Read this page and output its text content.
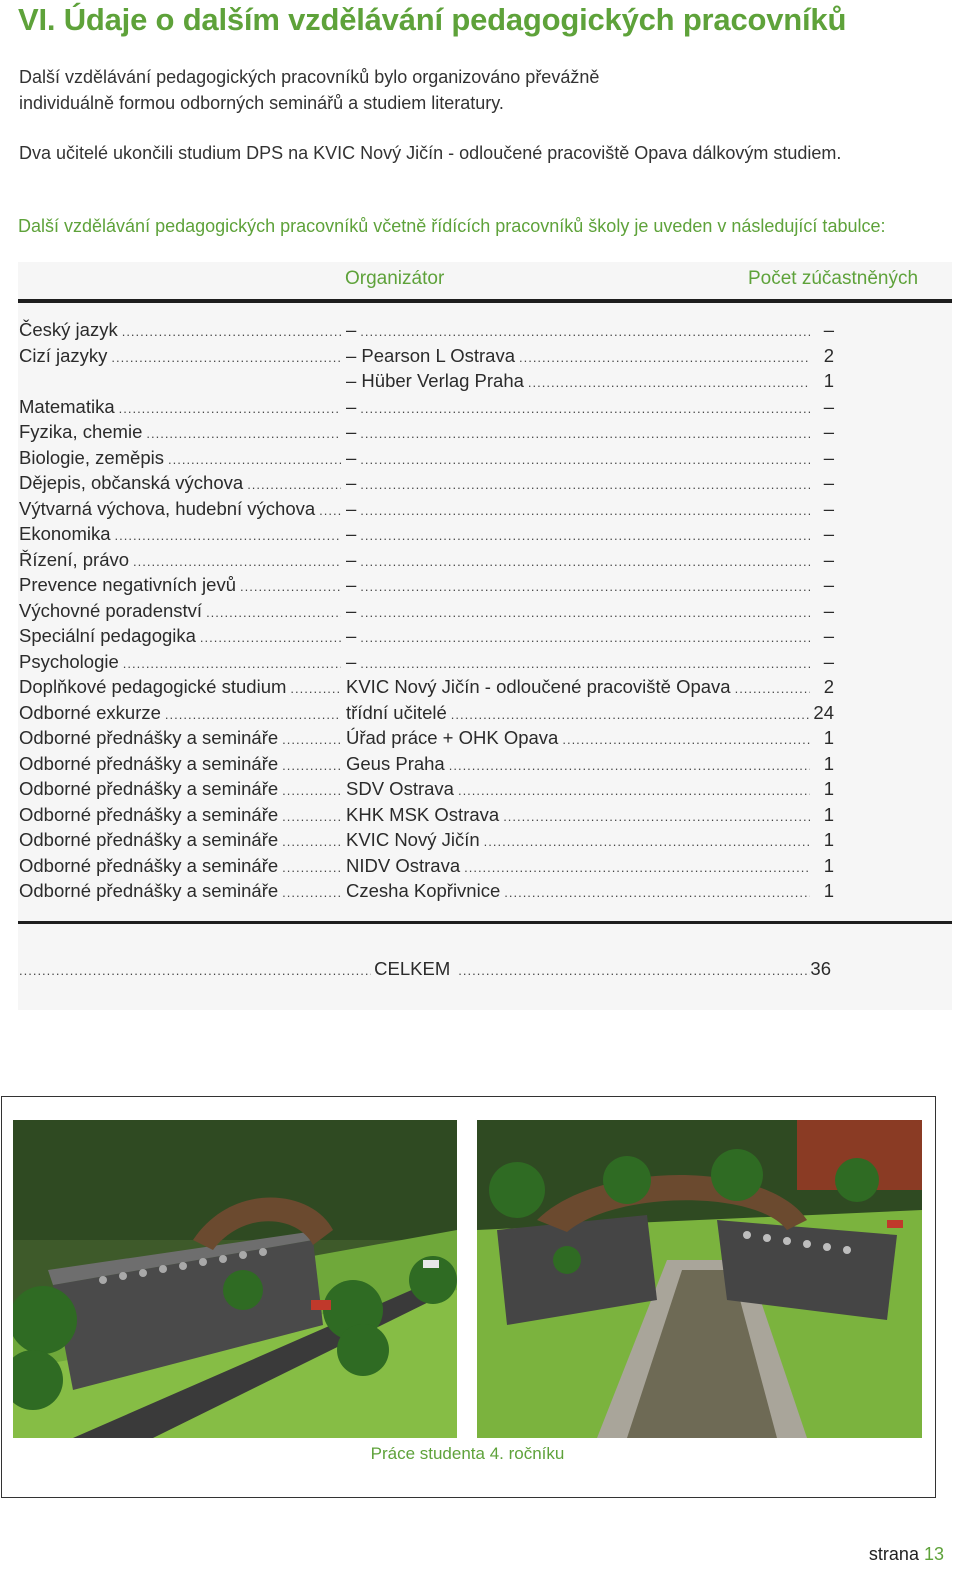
VI. Údaje o dalším vzdělávání pedagogických pracovníků
Další vzdělávání pedagogických pracovníků bylo organizováno převážně individuálně formou odborných seminářů a studiem literatury.
Dva učitelé ukončili studium DPS na KVIC Nový Jičín - odloučené pracoviště Opava dálkovým studiem.
Další vzdělávání pedagogických pracovníků včetně řídících pracovníků školy je uveden v následující tabulce:
Organizátor	Počet zúčastněných
Český jazyk .....	– .....	–
Cizí jazyky .....	– Pearson L Ostrava .....	2
– Hüber Verlag Praha .....	1
Matematika .....	– .....	–
Fyzika, chemie .....	– .....	–
Biologie, zeměpis .....	– .....	–
Dějepis, občanská výchova .....	– .....	–
Výtvarná výchova, hudební výchova ..... – .....	–
Ekonomika .....	– .....	–
Řízení, právo .....	– .....	–
Prevence negativních jevů .....	– .....	–
Výchovné poradenství .....	– .....	–
Speciální pedagogika .....	– .....	–
Psychologie .....	– .....	–
Doplňkové pedagogické studium .....	KVIC Nový Jičín - odloučené pracoviště Opava .....	2
Odborné exkurze .....	třídní učitelé .....	24
Odborné přednášky a semináře .....	Úřad práce + OHK Opava .....	1
Odborné přednášky a semináře .....	Geus Praha .....	1
Odborné přednášky a semináře .....	SDV Ostrava .....	1
Odborné přednášky a semináře .....	KHK MSK Ostrava .....	1
Odborné přednášky a semináře .....	KVIC Nový Jičín .....	1
Odborné přednášky a semináře .....	NIDV Ostrava .....	1
Odborné přednášky a semináře .....	Czesha Kopřivnice .....	1
.....
CELKEM .....	36
Práce studenta 4. ročníku
strana 13
